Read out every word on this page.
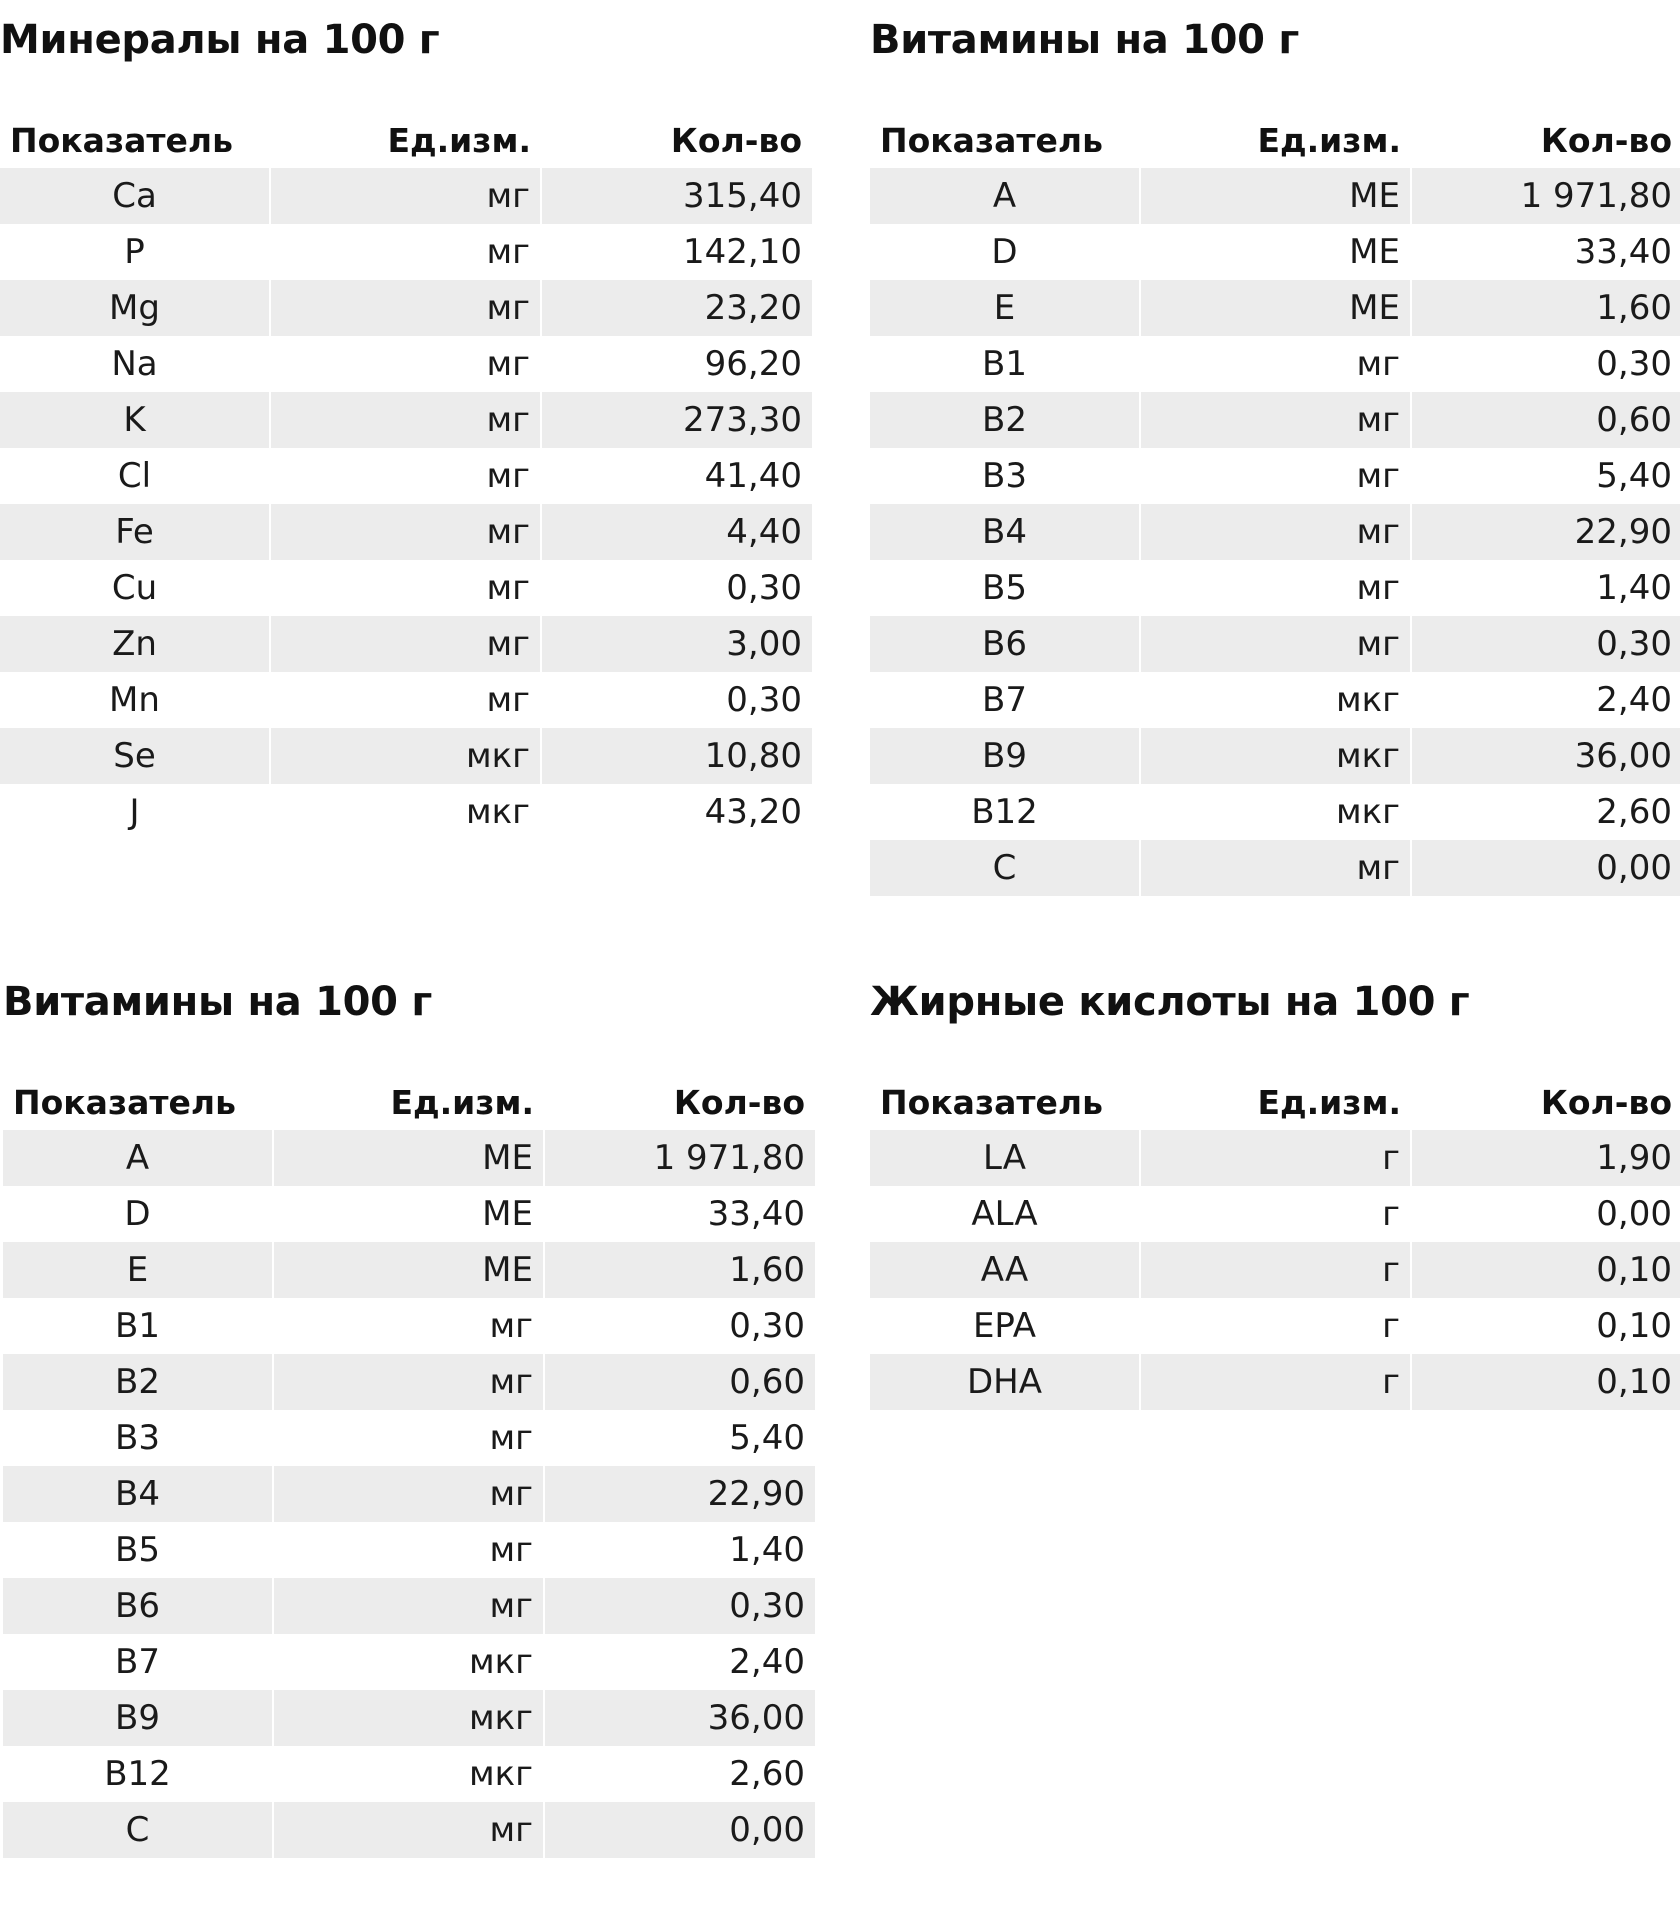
Минералы на 100 г
Показатель	Ед.изм.	Кол-во
Ca	мг	315,40
P	мг	142,10
Mg	мг	23,20
Na	мг	96,20
K	мг	273,30
Cl	мг	41,40
Fe	мг	4,40
Cu	мг	0,30
Zn	мг	3,00
Mn	мг	0,30
Se	мкг	10,80
J	мкг	43,20
Витамины на 100 г
Показатель	Ед.изм.	Кол-во
A	МЕ	1 971,80
D	МЕ	33,40
E	МЕ	1,60
B1	мг	0,30
B2	мг	0,60
B3	мг	5,40
B4	мг	22,90
B5	мг	1,40
B6	мг	0,30
B7	мкг	2,40
B9	мкг	36,00
B12	мкг	2,60
C	мг	0,00
Витамины на 100 г
Показатель	Ед.изм.	Кол-во
A	МЕ	1 971,80
D	МЕ	33,40
E	МЕ	1,60
B1	мг	0,30
B2	мг	0,60
B3	мг	5,40
B4	мг	22,90
B5	мг	1,40
B6	мг	0,30
B7	мкг	2,40
B9	мкг	36,00
B12	мкг	2,60
C	мг	0,00
Жирные кислоты на 100 г
Показатель	Ед.изм.	Кол-во
LA	г	1,90
ALA	г	0,00
AA	г	0,10
EPA	г	0,10
DHA	г	0,10
